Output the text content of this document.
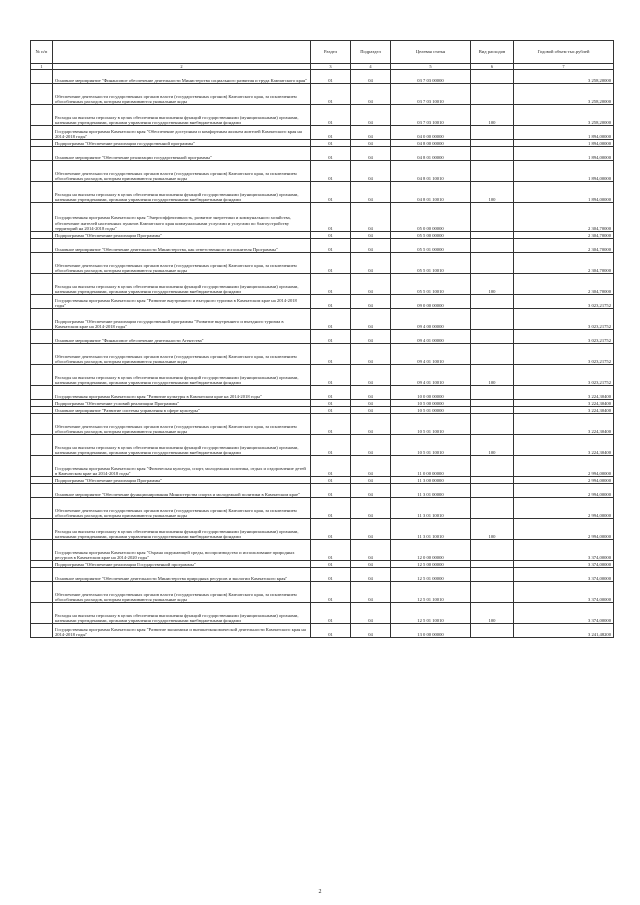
№ п/п		Раздел	Подраздел	Целевая статья	Вид расходов	Годовой объем тыс.рублей
1	2	3	4	5	6	7
	Основное мероприятие "Финансовое обеспечение деятельности Министерства социального развития и труда Камчатского края"	01	04	03 7 03 00000		3 258,20000
	Обеспечение деятельности государственных органов власти (государственных органов) Камчатского края, за исключением обособленных расходов, которым присваиваются уникальные коды	01	04	03 7 03 10010		3 258,20000
	Расходы на выплаты персоналу в целях обеспечения выполнения функций государственными (муниципальными) органами, казенными учреждениями, органами управления государственными внебюджетными фондами	01	04	03 7 03 10010	100	3 258,20000
	Государственная программа Камчатского края "Обеспечение доступным и комфортным жильем жителей Камчатского края на 2014-2018 годы"	01	04	04 0 00 00000		1 894,00000
	Подпрограмма "Обеспечение реализации государственной программы"	01	04	04 8 00 00000		1 894,00000
	Основное мероприятие "Обеспечение реализации государственной программы"	01	04	04 8 01 00000		1 894,00000
	Обеспечение деятельности государственных органов власти (государственных органов) Камчатского края, за исключением обособленных расходов, которым присваиваются уникальные коды	01	04	04 8 01 10010		1 894,00000
	Расходы на выплаты персоналу в целях обеспечения выполнения функций государственными (муниципальными) органами, казенными учреждениями, органами управления государственными внебюджетными фондами	01	04	04 8 01 10010	100	1 894,00000
	Государственная программа Камчатского края "Энергоэффективность, развитие энергетики и коммунального хозяйства, обеспечение жителей населенных пунктов Камчатского края коммунальными услугами и услугами по благоустройству территорий на 2014-2018 годы"	01	04	05 0 00 00000		2 304,70000
	Подпрограмма "Обеспечение реализации Программы"	01	04	05 5 00 00000		2 304,70000
	Основное мероприятие "Обеспечение деятельности Министерства, как ответственного исполнителя Программы"	01	04	05 5 01 00000		2 304,70000
	Обеспечение деятельности государственных органов власти (государственных органов) Камчатского края, за исключением обособленных расходов, которым присваиваются уникальные коды	01	04	05 5 01 10010		2 304,70000
	Расходы на выплаты персоналу в целях обеспечения выполнения функций государственными (муниципальными) органами, казенными учреждениями, органами управления государственными внебюджетными фондами	01	04	05 5 01 10010	100	2 304,70000
	Государственная программа Камчатского края "Развитие внутреннего и въездного туризма в Камчатском крае на 2014-2018 годы"	01	04	09 0 00 00000		3 023,21752
	Подпрограмма "Обеспечение реализации государственной программы "Развитие внутреннего и въездного туризма в Камчатском крае на 2014-2018 годы"	01	04	09 4 00 00000		3 023,21752
	Основное мероприятие "Финансовое обеспечение деятельности Агентства"	01	04	09 4 01 00000		3 023,21752
	Обеспечение деятельности государственных органов власти (государственных органов) Камчатского края, за исключением обособленных расходов, которым присваиваются уникальные коды	01	04	09 4 01 10010		3 023,21752
	Расходы на выплаты персоналу в целях обеспечения выполнения функций государственными (муниципальными) органами, казенными учреждениями, органами управления государственными внебюджетными фондами	01	04	09 4 01 10010	100	3 023,21752
	Государственная программа Камчатского края "Развитие культуры в Камчатском крае на 2014-2018 годы"	01	04	10 0 00 00000		3 224,30400
	Подпрограмма "Обеспечение условий реализации Программы"	01	04	10 5 00 00000		3 224,30400
	Основное мероприятие "Развитие системы управления в сфере культуры"	01	04	10 5 01 00000		3 224,30400
	Обеспечение деятельности государственных органов власти (государственных органов) Камчатского края, за исключением обособленных расходов, которым присваиваются уникальные коды	01	04	10 5 01 10010		3 224,30400
	Расходы на выплаты персоналу в целях обеспечения выполнения функций государственными (муниципальными) органами, казенными учреждениями, органами управления государственными внебюджетными фондами	01	04	10 5 01 10010	100	3 224,30400
	Государственная программа Камчатского края "Физическая культура, спорт, молодежная политика, отдых и оздоровление детей в Камчатском крае на 2014-2018 годы"	01	04	11 0 00 00000		2 994,00000
	Подпрограмма "Обеспечение реализации Программы"	01	04	11 3 00 00000		2 994,00000
	Основное мероприятие "Обеспечение функционирования Министерства спорта и молодежной политики в Камчатском крае"	01	04	11 3 01 00000		2 994,00000
	Обеспечение деятельности государственных органов власти (государственных органов) Камчатского края, за исключением обособленных расходов, которым присваиваются уникальные коды	01	04	11 3 01 10010		2 994,00000
	Расходы на выплаты персоналу в целях обеспечения выполнения функций государственными (муниципальными) органами, казенными учреждениями, органами управления государственными внебюджетными фондами	01	04	11 3 01 10010	100	2 994,00000
	Государственная программа Камчатского края "Охрана окружающей среды, воспроизводство и использование природных ресурсов в Камчатском крае на 2014-2020 годы"	01	04	12 0 00 00000		3 374,00000
	Подпрограмма "Обеспечение реализации Государственной программы"	01	04	12 5 00 00000		3 374,00000
	Основное мероприятие "Обеспечение деятельности Министерства природных ресурсов и экологии Камчатского края"	01	04	12 5 01 00000		3 374,00000
	Обеспечение деятельности государственных органов власти (государственных органов) Камчатского края, за исключением обособленных расходов, которым присваиваются уникальные коды	01	04	12 5 01 10010		3 374,00000
	Расходы на выплаты персоналу в целях обеспечения выполнения функций государственными (муниципальными) органами, казенными учреждениями, органами управления государственными внебюджетными фондами	01	04	12 5 01 10010	100	3 374,00000
	Государственная программа Камчатского края "Развитие экономики и внешнеэкономической деятельности Камчатского края на 2014-2018 годы"	01	04	13 0 00 00000		3 241,48200
2
